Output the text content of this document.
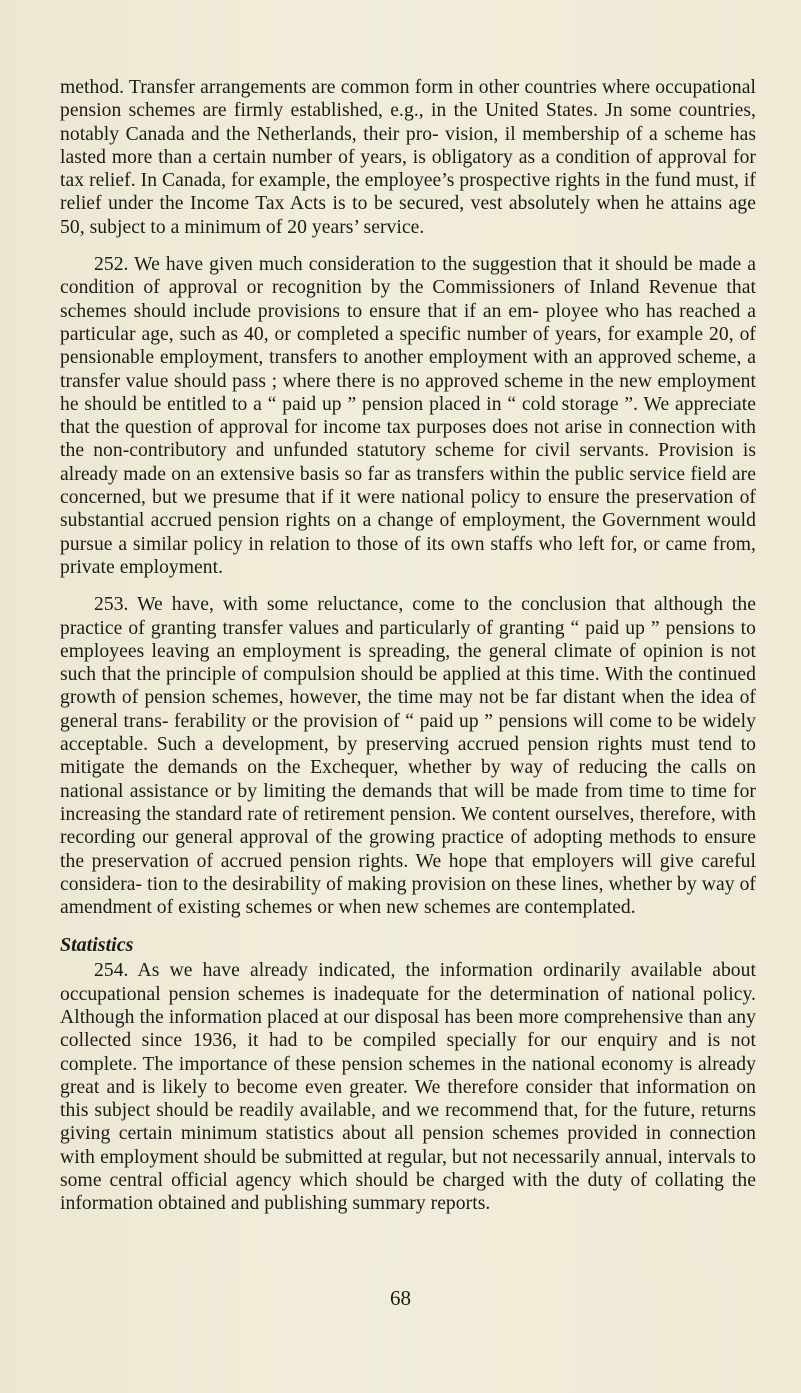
method. Transfer arrangements are common form in other countries where occupational pension schemes are firmly established, e.g., in the United States. Jn some countries, notably Canada and the Netherlands, their pro- vision, il membership of a scheme has lasted more than a certain number of years, is obligatory as a condition of approval for tax relief. In Canada, for example, the employee’s prospective rights in the fund must, if relief under the Income Tax Acts is to be secured, vest absolutely when he attains age 50, subject to a minimum of 20 years’ service.

252. We have given much consideration to the suggestion that it should be made a condition of approval or recognition by the Commissioners of Inland Revenue that schemes should include provisions to ensure that if an em- ployee who has reached a particular age, such as 40, or completed a specific number of years, for example 20, of pensionable employment, transfers to another employment with an approved scheme, a transfer value should pass ; where there is no approved scheme in the new employment he should be entitled to a “ paid up ” pension placed in “ cold storage ”. We appreciate that the question of approval for income tax purposes does not arise in connection with the non-contributory and unfunded statutory scheme for civil servants. Provision is already made on an extensive basis so far as transfers within the public service field are concerned, but we presume that if it were national policy to ensure the preservation of substantial accrued pension rights on a change of employment, the Government would pursue a similar policy in relation to those of its own staffs who left for, or came from, private employment.

253. We have, with some reluctance, come to the conclusion that although the practice of granting transfer values and particularly of granting “ paid up ” pensions to employees leaving an employment is spreading, the general climate of opinion is not such that the principle of compulsion should be applied at this time. With the continued growth of pension schemes, however, the time may not be far distant when the idea of general trans- ferability or the provision of “ paid up ” pensions will come to be widely acceptable. Such a development, by preserving accrued pension rights must tend to mitigate the demands on the Exchequer, whether by way of reducing the calls on national assistance or by limiting the demands that will be made from time to time for increasing the standard rate of retirement pension. We content ourselves, therefore, with recording our general approval of the growing practice of adopting methods to ensure the preservation of accrued pension rights. We hope that employers will give careful considera- tion to the desirability of making provision on these lines, whether by way of amendment of existing schemes or when new schemes are contemplated.

Statistics

254. As we have already indicated, the information ordinarily available about occupational pension schemes is inadequate for the determination of national policy. Although the information placed at our disposal has been more comprehensive than any collected since 1936, it had to be compiled specially for our enquiry and is not complete. The importance of these pension schemes in the national economy is already great and is likely to become even greater. We therefore consider that information on this subject should be readily available, and we recommend that, for the future, returns giving certain minimum statistics about all pension schemes provided in connection with employment should be submitted at regular, but not necessarily annual, intervals to some central official agency which should be charged with the duty of collating the information obtained and publishing summary reports.

68
